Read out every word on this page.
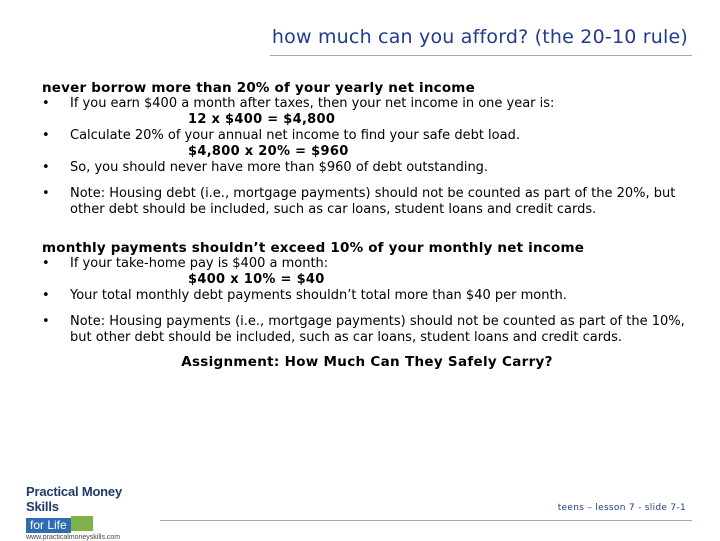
how much can you afford? (the 20-10 rule)
never borrow more than 20% of your yearly net income
•	If you earn $400 a month after taxes, then your net income in one year is:
12 x $400 = $4,800
•	Calculate 20% of your annual net income to find your safe debt load.
$4,800 x 20% = $960
•	So, you should never have more than $960 of debt outstanding.
•	Note: Housing debt (i.e., mortgage payments) should not be counted as part of the 20%, but other debt should be included, such as car loans, student loans and credit cards.
monthly payments shouldn’t exceed 10% of your monthly net income
•	If your take-home pay is $400 a month:
$400 x 10% = $40
•	Your total monthly debt payments shouldn’t total more than $40 per month.
•	Note: Housing payments (i.e., mortgage payments) should not be counted as part of the 10%, but other debt should be included, such as car loans, student loans and credit cards.
Assignment: How Much Can They Safely Carry?
Practical Money Skills
for Life
www.practicalmoneyskills.com
teens – lesson 7 - slide 7-1
